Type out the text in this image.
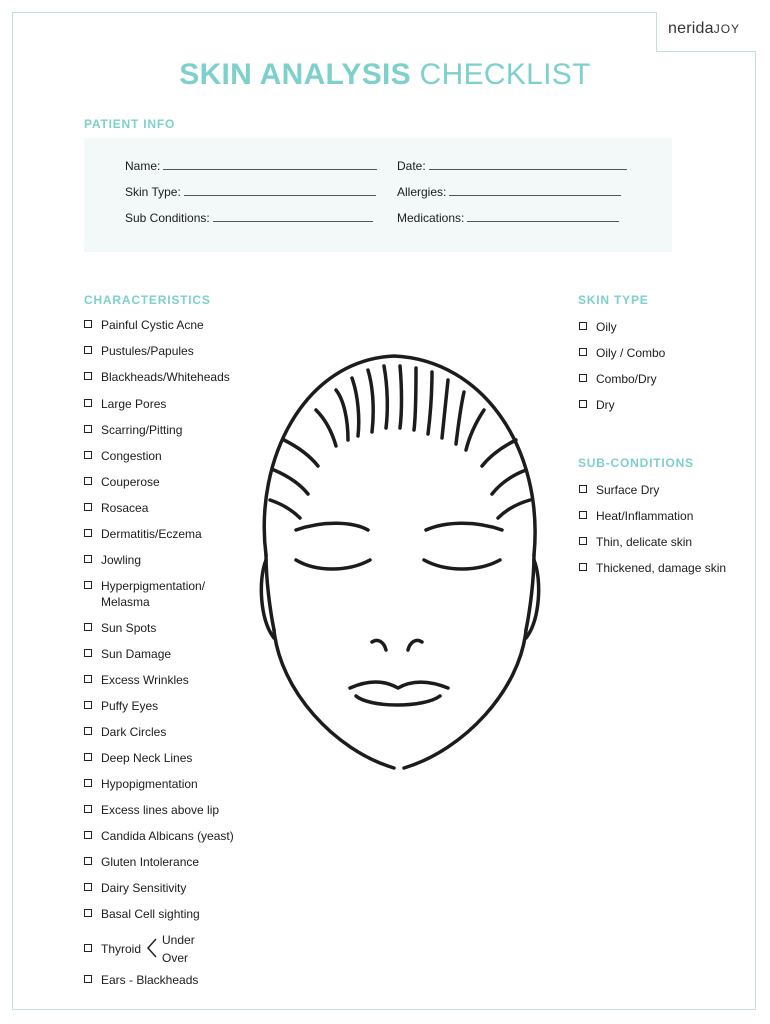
neridaJOY
SKIN ANALYSIS CHECKLIST
PATIENT INFO
Name:	Date:
Skin Type:	Allergies:
Sub Conditions:	Medications:
CHARACTERISTICS	SKIN TYPE
SUB-CONDITIONS
Painful Cystic Acne
Pustules/Papules
Blackheads/Whiteheads
Large Pores
Scarring/Pitting
Congestion
Couperose
Rosacea
Dermatitis/Eczema
Jowling
Hyperpigmentation/
Melasma
Sun Spots
Sun Damage
Excess Wrinkles
Puffy Eyes
Dark Circles
Deep Neck Lines
Hypopigmentation
Excess lines above lip
Candida Albicans (yeast)
Gluten Intolerance
Dairy Sensitivity
Basal Cell sighting
Thyroid
Under
Over
Ears - Blackheads
Oily
Oily / Combo
Combo/Dry
Dry
Surface Dry
Heat/Inflammation
Thin, delicate skin
Thickened, damage skin
